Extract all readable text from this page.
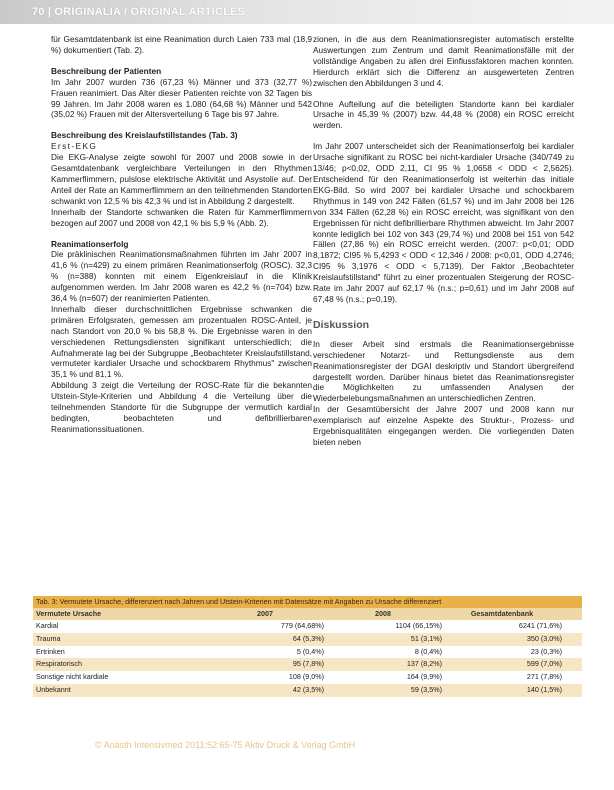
70 | ORIGINALIA / ORIGINAL ARTICLES

für Gesamtdatenbank ist eine Reanimation durch Laien 733 mal (18,9 %) dokumentiert (Tab. 2).

Beschreibung der Patienten

Im Jahr 2007 wurden 736 (67,23 %) Männer und 373 (32,77 %) Frauen reanimiert. Das Alter dieser Patienten reichte von 32 Tagen bis 99 Jahren. Im Jahr 2008 waren es 1.080 (64,68 %) Männer und 542 (35,02 %) Frauen mit der Altersverteilung 6 Tage bis 97 Jahre.

Beschreibung des Kreislaufstillstandes (Tab. 3)
Erst-EKG

Die EKG-Analyse zeigte sowohl für 2007 und 2008 sowie in der Gesamtdatenbank vergleichbare Verteilungen in den Rhythmen Kammerflimmern, pulslose elektrische Aktivität und Asystolie auf. Der Anteil der Rate an Kammerflimmern an den teilnehmenden Standorten schwankt von 12,5 % bis 42,3 % und ist in Abbildung 2 dargestellt.

Innerhalb der Standorte schwanken die Raten für Kammerflimmern bezogen auf 2007 und 2008 von 42,1 % bis 5,9 % (Abb. 2).

Reanimationserfolg

Die präklinischen Reanimationsmaßnahmen führten im Jahr 2007 in 41,6 % (n=429) zu einem primären Reanimationserfolg (ROSC). 32,3 % (n=388) konnten mit einem Eigenkreislauf in die Klinik aufgenommen werden. Im Jahr 2008 waren es 42,2 % (n=704) bzw. 36,4 % (n=607) der reanimierten Patienten.

Innerhalb dieser durchschnittlichen Ergebnisse schwanken die primären Erfolgsraten, gemessen am prozentualen ROSC-Anteil, je nach Standort von 20,0 % bis 58,8 %. Die Ergebnisse waren in den verschiedenen Rettungsdiensten signifikant unterschiedlich; die Aufnahmerate lag bei der Subgruppe „Beobachteter Kreislaufstillstand, vermuteter kardialer Ursache und schockbarem Rhythmus" zwischen 35,1 % und 81,1 %.

Abbildung 3 zeigt die Verteilung der ROSC-Rate für die bekannten Utstein-Style-Kriterien und Abbildung 4 die Verteilung über die teilnehmenden Standorte für die Subgruppe der vermutlich kardial bedingten, beobachteten und defibrillierbaren Reanimationssituationen.

zionen, in die aus dem Reanimationsregister automatisch erstellte Auswertungen zum Zentrum und damit Reanimationsfälle mit der vollständige Angaben zu allen drei Einflussfaktoren machen konnten. Hierdurch erklärt sich die Differenz an ausgewerteten Zentren zwischen den Abbildungen 3 und 4.

Ohne Aufteilung auf die beteiligten Standorte kann bei kardialer Ursache in 45,39 % (2007) bzw. 44,48 % (2008) ein ROSC erreicht werden.

Im Jahr 2007 unterscheidet sich der Reanimationserfolg bei kardialer Ursache signifikant zu ROSC bei nicht-kardialer Ursache (340/749 zu 13/46; p<0,02, ODD 2,11, CI 95 % 1,0658 < ODD < 2,5625). Entscheidend für den Reanimationserfolg ist weiterhin das initiale EKG-Bild. So wird 2007 bei kardialer Ursache und schockbarem Rhythmus in 149 von 242 Fällen (61,57 %) und im Jahr 2008 bei 126 von 334 Fällen (62,28 %) ein ROSC erreicht, was signifikant von den Ergebnissen für nicht defibrillierbare Rhythmen abweicht. Im Jahr 2007 konnte lediglich bei 102 von 343 (29,74 %) und 2008 bei 151 von 542 Fällen (27,86 %) ein ROSC erreicht werden. (2007: p<0,01; ODD 8,1872; CI95 % 5,4293 < ODD < 12,346 / 2008: p<0,01, ODD 4,2746; CI95 % 3,1976 < ODD < 5,7139). Der Faktor „Beobachteter Kreislaufstillstand" führt zu einer prozentualen Steigerung der ROSC-Rate im Jahr 2007 auf 62,17 % (n.s.; p=0,61) und im Jahr 2008 auf 67,48 % (n.s.; p=0,19).

Diskussion

In dieser Arbeit sind erstmals die Reanimationsergebnisse verschiedener Notarzt- und Rettungsdienste aus dem Reanimationsregister der DGAI deskriptiv und Standort übergreifend dargestellt worden. Darüber hinaus bietet das Reanimationsregister die Möglichkeiten zu umfassenden Analysen der Wiederbelebungsmaßnahmen an unterschiedlichen Zentren.

In der Gesamtübersicht der Jahre 2007 und 2008 kann nur exemplarisch auf einzelne Aspekte des Struktur-, Prozess- und Ergebnisqualitäten eingegangen werden. Die vorliegenden Daten bieten neben

Tab. 3: Vermutete Ursache, differenziert nach Jahren und Utstein-Kriterien mit Datensätze mit Angaben zu Ursache differenziert
Vermutete Ursache	2007	2008	Gesamtdatenbank
Kardial	779 (64,68%)	1104 (66,15%)	6241 (71,6%)
Trauma	64 (5,3%)	51 (3,1%)	350 (3,0%)
Ertrinken	5 (0,4%)	8 (0,4%)	23 (0,3%)
Respiratorisch	95 (7,8%)	137 (8,2%)	599 (7,0%)
Sonstige nicht kardiale	108 (9,0%)	164 (9,9%)	271 (7,8%)
Unbekannt	42 (3,5%)	59 (3,5%)	140 (1,5%)
© Anästh Intensivmed 2011;52:65-75 Aktiv Druck & Verlag GmbH
